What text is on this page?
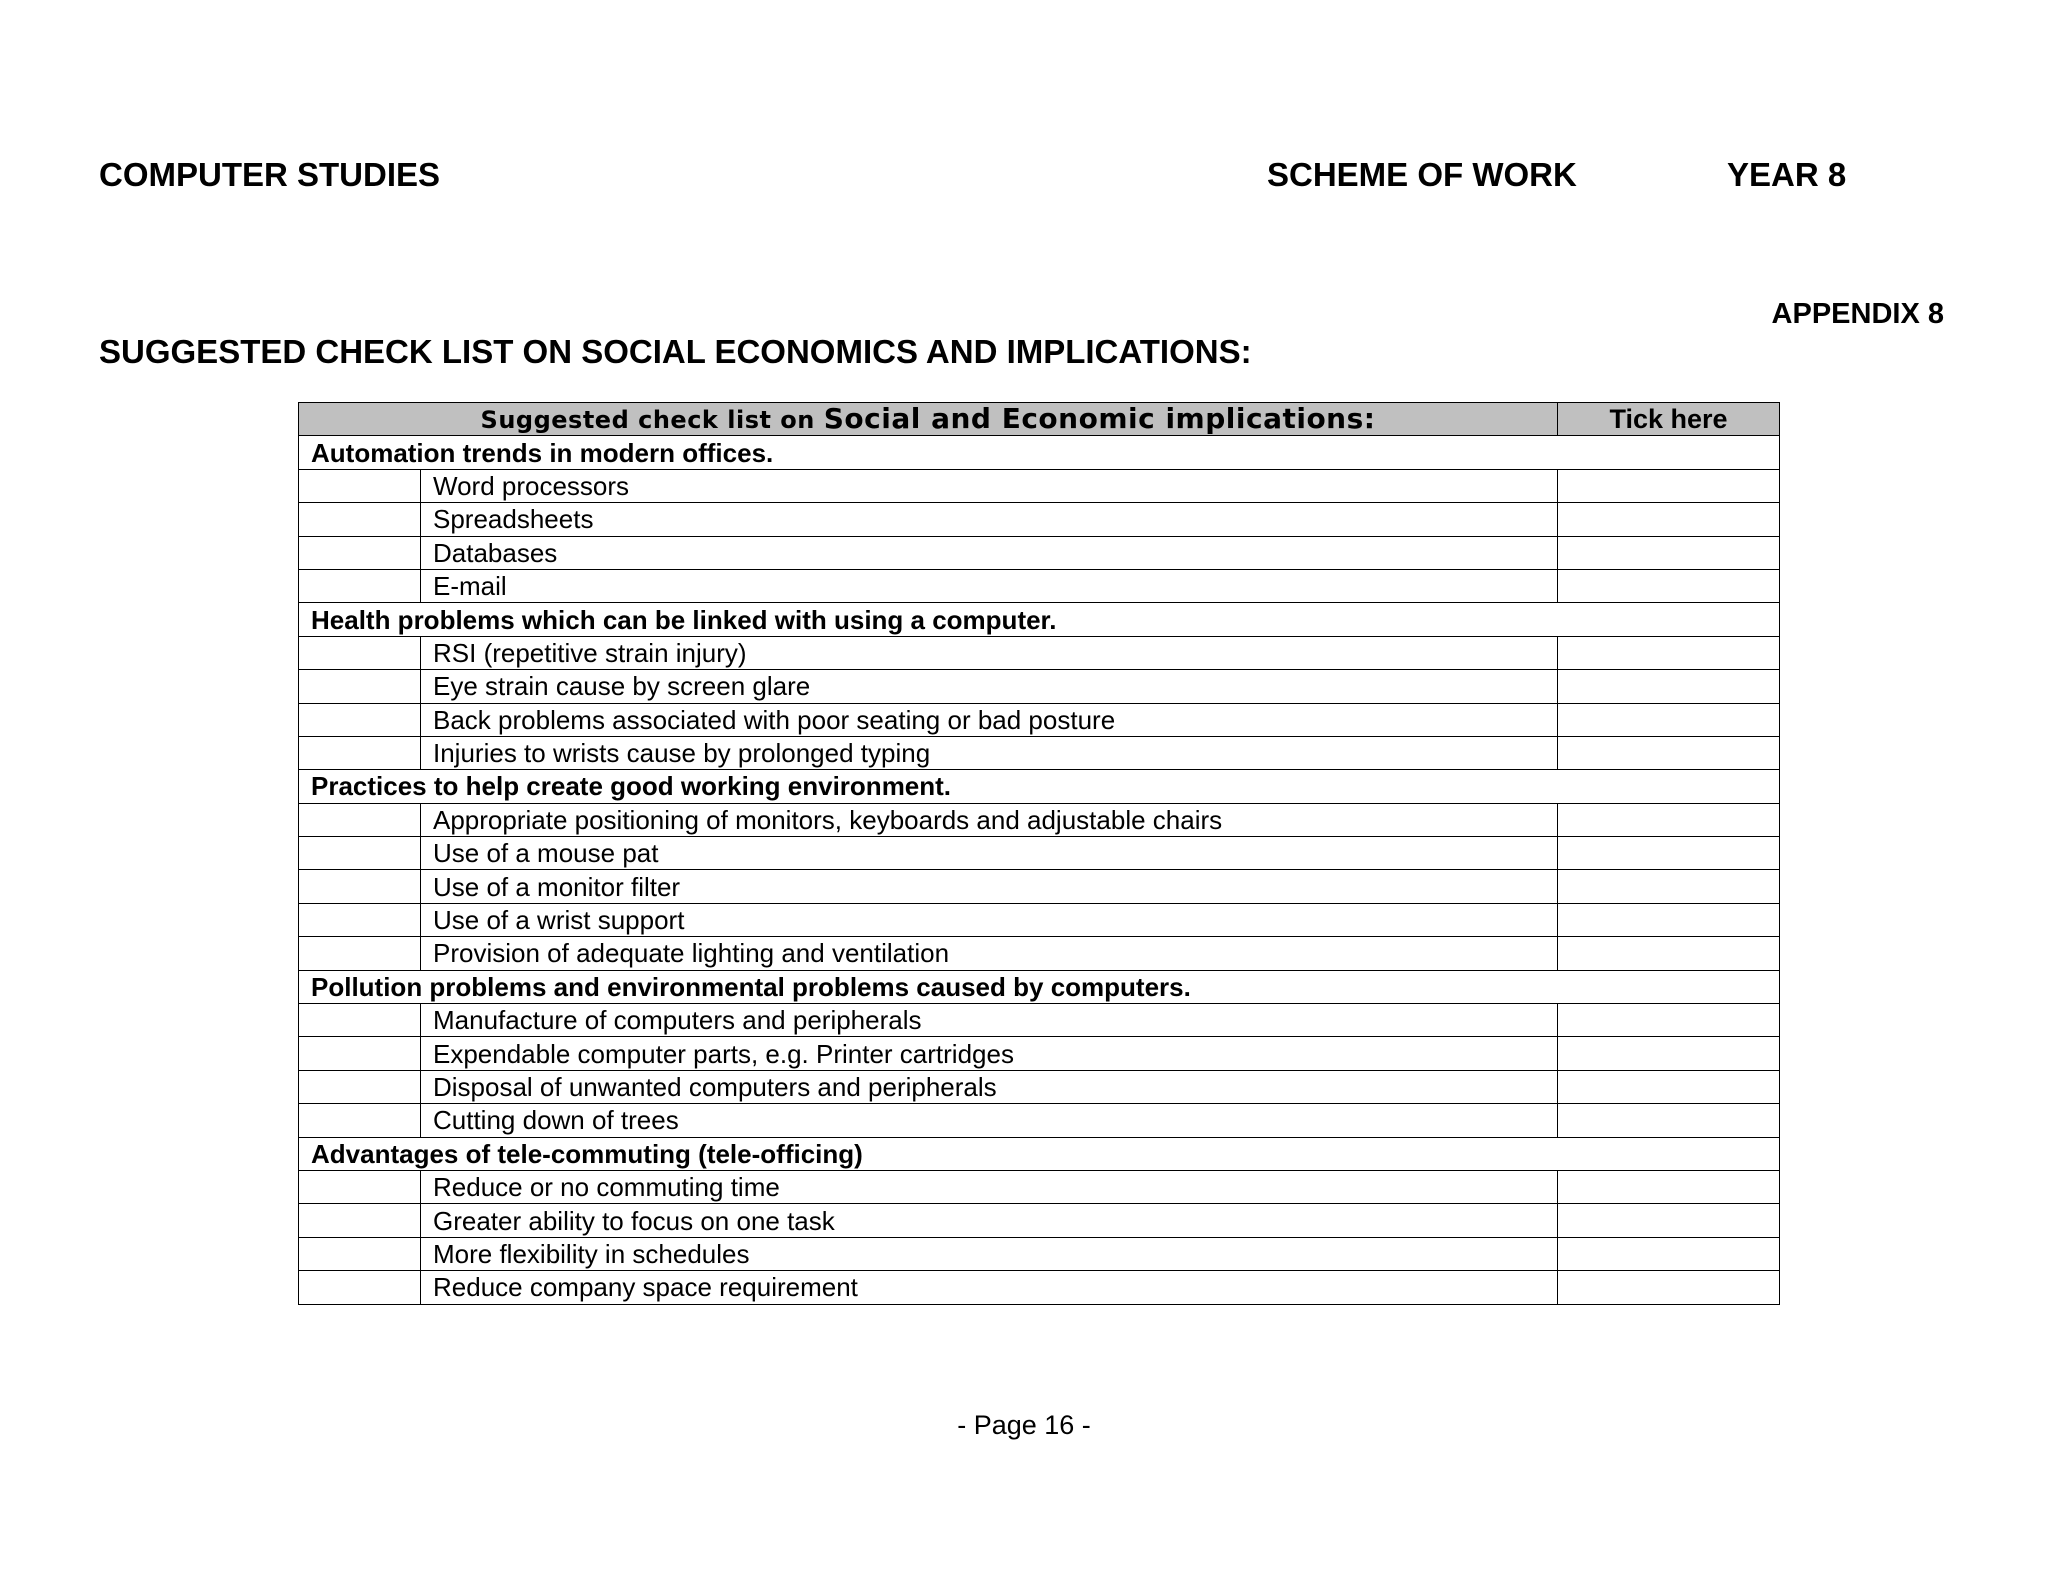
COMPUTER STUDIES	SCHEME OF WORK	YEAR 8
APPENDIX 8
SUGGESTED CHECK LIST ON SOCIAL ECONOMICS AND IMPLICATIONS:
Suggested check list on Social and Economic implications:		Tick here
Automation trends in modern offices.		
	Word processors	
	Spreadsheets	
	Databases	
	E-mail	
Health problems which can be linked with using a computer.		
	RSI (repetitive strain injury)	
	Eye strain cause by screen glare	
	Back problems associated with poor seating or bad posture	
	Injuries to wrists cause by prolonged typing	
Practices to help create good working environment.		
	Appropriate positioning of monitors, keyboards and adjustable chairs	
	Use of a mouse pat	
	Use of a monitor filter	
	Use of a wrist support	
	Provision of adequate lighting and ventilation	
Pollution problems and environmental problems caused by computers.		
	Manufacture of computers and peripherals	
	Expendable computer parts, e.g. Printer cartridges	
	Disposal of unwanted computers and peripherals	
	Cutting down of trees	
Advantages of tele-commuting (tele-officing)		
	Reduce or no commuting time	
	Greater ability to focus on one task	
	More flexibility in schedules	
	Reduce company space requirement	
- Page 16 -
